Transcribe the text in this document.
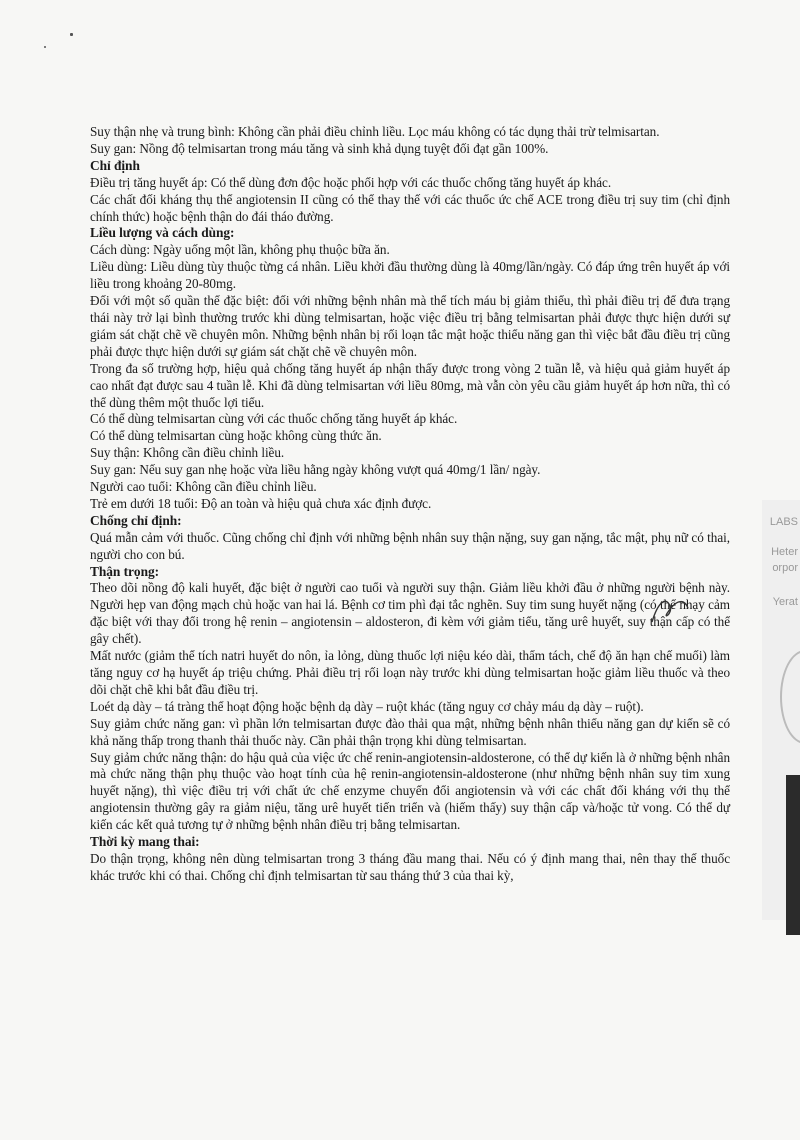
Suy thận nhẹ và trung bình: Không cần phải điều chỉnh liều. Lọc máu không có tác dụng thải trừ telmisartan.

Suy gan: Nồng độ telmisartan trong máu tăng và sinh khả dụng tuyệt đối đạt gần 100%.

Chỉ định

Điều trị tăng huyết áp: Có thể dùng đơn độc hoặc phối hợp với các thuốc chống tăng huyết áp khác.

Các chất đối kháng thụ thể angiotensin II cũng có thể thay thế với các thuốc ức chế ACE trong điều trị suy tim (chỉ định chính thức) hoặc bệnh thận do đái tháo đường.

Liều lượng và cách dùng:

Cách dùng: Ngày uống một lần, không phụ thuộc bữa ăn.

Liều dùng: Liều dùng tùy thuộc từng cá nhân. Liều khởi đầu thường dùng là 40mg/lần/ngày. Có đáp ứng trên huyết áp với liều trong khoảng 20-80mg.

Đối với một số quần thể đặc biệt: đối với những bệnh nhân mà thể tích máu bị giảm thiểu, thì phải điều trị để đưa trạng thái này trở lại bình thường trước khi dùng telmisartan, hoặc việc điều trị bằng telmisartan phải được thực hiện dưới sự giám sát chặt chẽ về chuyên môn. Những bệnh nhân bị rối loạn tắc mật hoặc thiểu năng gan thì việc bắt đầu điều trị cũng phải được thực hiện dưới sự giám sát chặt chẽ về chuyên môn.

Trong đa số trường hợp, hiệu quả chống tăng huyết áp nhận thấy được trong vòng 2 tuần lễ, và hiệu quả giảm huyết áp cao nhất đạt được sau 4 tuần lễ. Khi đã dùng telmisartan với liều 80mg, mà vẫn còn yêu cầu giảm huyết áp hơn nữa, thì có thể dùng thêm một thuốc lợi tiểu.

Có thể dùng telmisartan cùng với các thuốc chống tăng huyết áp khác.

Có thể dùng telmisartan cùng hoặc không cùng thức ăn.

Suy thận: Không cần điều chỉnh liều.

Suy gan: Nếu suy gan nhẹ hoặc vừa liều hằng ngày không vượt quá 40mg/1 lần/ ngày.

Người cao tuổi: Không cần điều chỉnh liều.

Trẻ em dưới 18 tuổi: Độ an toàn và hiệu quả chưa xác định được.

Chống chỉ định:

Quá mẫn cảm với thuốc. Cũng chống chỉ định với những bệnh nhân suy thận nặng, suy gan nặng, tắc mật, phụ nữ có thai, người cho con bú.

Thận trọng:

Theo dõi nồng độ kali huyết, đặc biệt ở người cao tuổi và người suy thận. Giảm liều khởi đầu ở những người bệnh này. Người hẹp van động mạch chủ hoặc van hai lá. Bệnh cơ tim phì đại tắc nghẽn. Suy tim sung huyết nặng (có thể nhạy cảm đặc biệt với thay đổi trong hệ renin – angiotensin – aldosteron, đi kèm với giảm tiểu, tăng urê huyết, suy thận cấp có thể gây chết).

Mất nước (giảm thể tích natri huyết do nôn, ỉa lỏng, dùng thuốc lợi niệu kéo dài, thẩm tách, chế độ ăn hạn chế muối) làm tăng nguy cơ hạ huyết áp triệu chứng. Phải điều trị rối loạn này trước khi dùng telmisartan hoặc giảm liều thuốc và theo dõi chặt chẽ khi bắt đầu điều trị.

Loét dạ dày – tá tràng thể hoạt động hoặc bệnh dạ dày – ruột khác (tăng nguy cơ chảy máu dạ dày – ruột).

Suy giảm chức năng gan: vì phần lớn telmisartan được đào thải qua mật, những bệnh nhân thiểu năng gan dự kiến sẽ có khả năng thấp trong thanh thải thuốc này. Cần phải thận trọng khi dùng telmisartan.

Suy giảm chức năng thận: do hậu quả của việc ức chế renin-angiotensin-aldosterone, có thể dự kiến là ở những bệnh nhân mà chức năng thận phụ thuộc vào hoạt tính của hệ renin-angiotensin-aldosterone (như những bệnh nhân suy tim xung huyết nặng), thì việc điều trị với chất ức chế enzyme chuyển đổi angiotensin và với các chất đối kháng với thụ thể angiotensin thường gây ra giảm niệu, tăng urê huyết tiến triển và (hiếm thấy) suy thận cấp và/hoặc tử vong. Có thể dự kiến các kết quả tương tự ở những bệnh nhân điều trị bằng telmisartan.

Thời kỳ mang thai:

Do thận trọng, không nên dùng telmisartan trong 3 tháng đầu mang thai. Nếu có ý định mang thai, nên thay thế thuốc khác trước khi có thai. Chống chỉ định telmisartan từ sau tháng thứ 3 của thai kỳ,

LABS
Heter
orpor
Yerat
